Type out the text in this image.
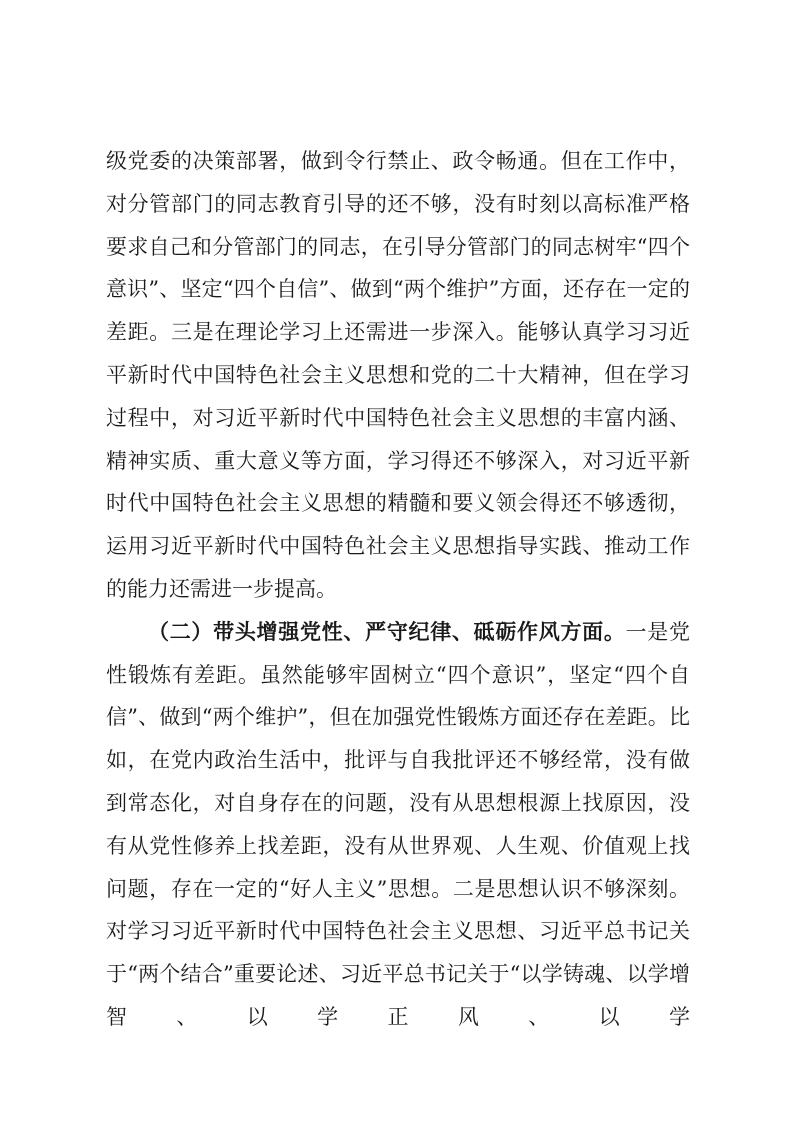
级党委的决策部署，做到令行禁止、政令畅通。但在工作中，对分管部门的同志教育引导的还不够，没有时刻以高标准严格要求自己和分管部门的同志，在引导分管部门的同志树牢“四个意识”、坚定“四个自信”、做到“两个维护”方面，还存在一定的差距。三是在理论学习上还需进一步深入。能够认真学习习近平新时代中国特色社会主义思想和党的二十大精神，但在学习过程中，对习近平新时代中国特色社会主义思想的丰富内涵、精神实质、重大意义等方面，学习得还不够深入，对习近平新时代中国特色社会主义思想的精髓和要义领会得还不够透彻，运用习近平新时代中国特色社会主义思想指导实践、推动工作的能力还需进一步提高。

（二）带头增强党性、严守纪律、砥砺作风方面。一是党性锻炼有差距。虽然能够牢固树立“四个意识”，坚定“四个自信”、做到“两个维护”，但在加强党性锻炼方面还存在差距。比如，在党内政治生活中，批评与自我批评还不够经常，没有做到常态化，对自身存在的问题，没有从思想根源上找原因，没有从党性修养上找差距，没有从世界观、人生观、价值观上找问题，存在一定的“好人主义”思想。二是思想认识不够深刻。对学习习近平新时代中国特色社会主义思想、习近平总书记关于“两个结合”重要论述、习近平总书记关于“以学铸魂、以学增智、以学正风、以学
